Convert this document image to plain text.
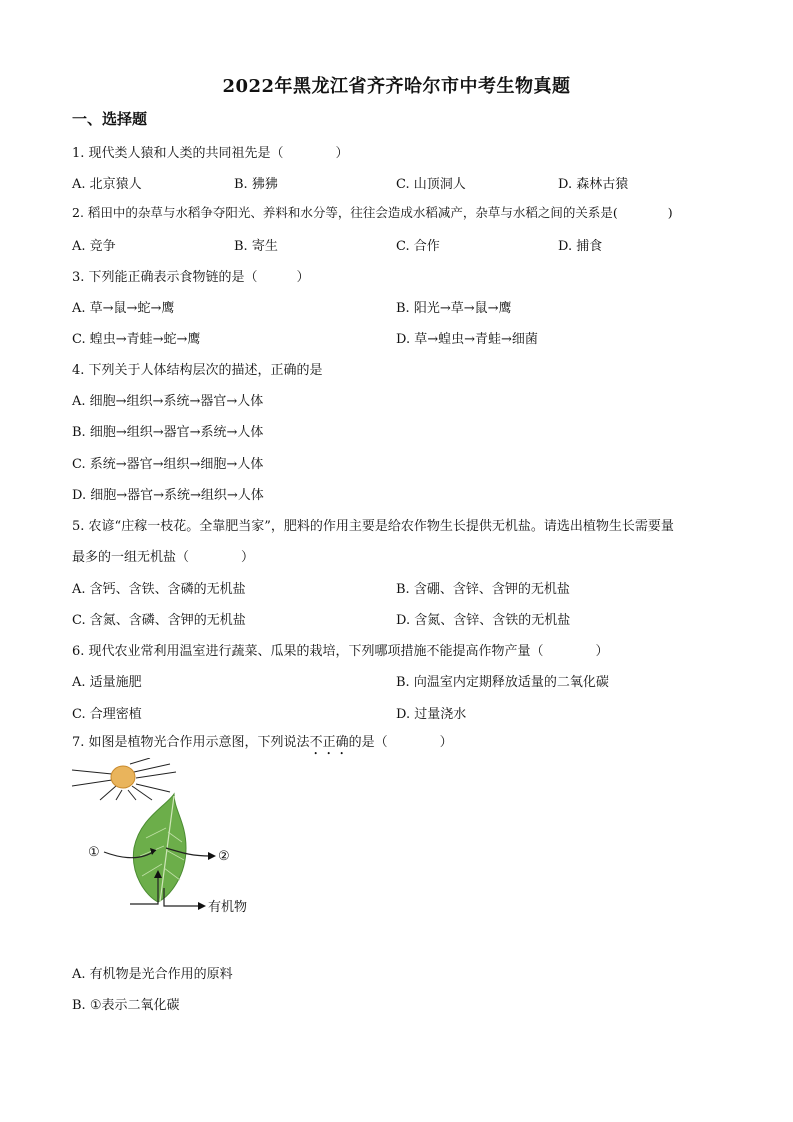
2022年黑龙江省齐齐哈尔市中考生物真题
一、选择题
1. 现代类人猿和人类的共同祖先是（　　　　）
A. 北京猿人	B. 狒狒	C. 山顶洞人	D. 森林古猿
2. 稻田中的杂草与水稻争夺阳光、养料和水分等，往往会造成水稻减产，杂草与水稻之间的关系是(　　　　)
A. 竞争	B. 寄生	C. 合作	D. 捕食
3. 下列能正确表示食物链的是（　　　）
A. 草→鼠→蛇→鹰	B. 阳光→草→鼠→鹰
C. 蝗虫→青蛙→蛇→鹰	D. 草→蝗虫→青蛙→细菌
4. 下列关于人体结构层次的描述，正确的是
A. 细胞→组织→系统→器官→人体
B. 细胞→组织→器官→系统→人体
C. 系统→器官→组织→细胞→人体
D. 细胞→器官→系统→组织→人体
5. 农谚“庄稼一枝花。全靠肥当家”，肥料的作用主要是给农作物生长提供无机盐。请选出植物生长需要量
最多的一组无机盐（　　　　）
A. 含钙、含铁、含磷的无机盐	B. 含硼、含锌、含钾的无机盐
C. 含氮、含磷、含钾的无机盐	D. 含氮、含锌、含铁的无机盐
6. 现代农业常利用温室进行蔬菜、瓜果的栽培，下列哪项措施不能提高作物产量（　　　　）
A. 适量施肥	B. 向温室内定期释放适量的二氧化碳
C. 合理密植	D. 过量浇水
7. 如图是植物光合作用示意图，下列说法不正确的是（　　　　）
①	②
有机物
A. 有机物是光合作用的原料
B. ①表示二氧化碳
